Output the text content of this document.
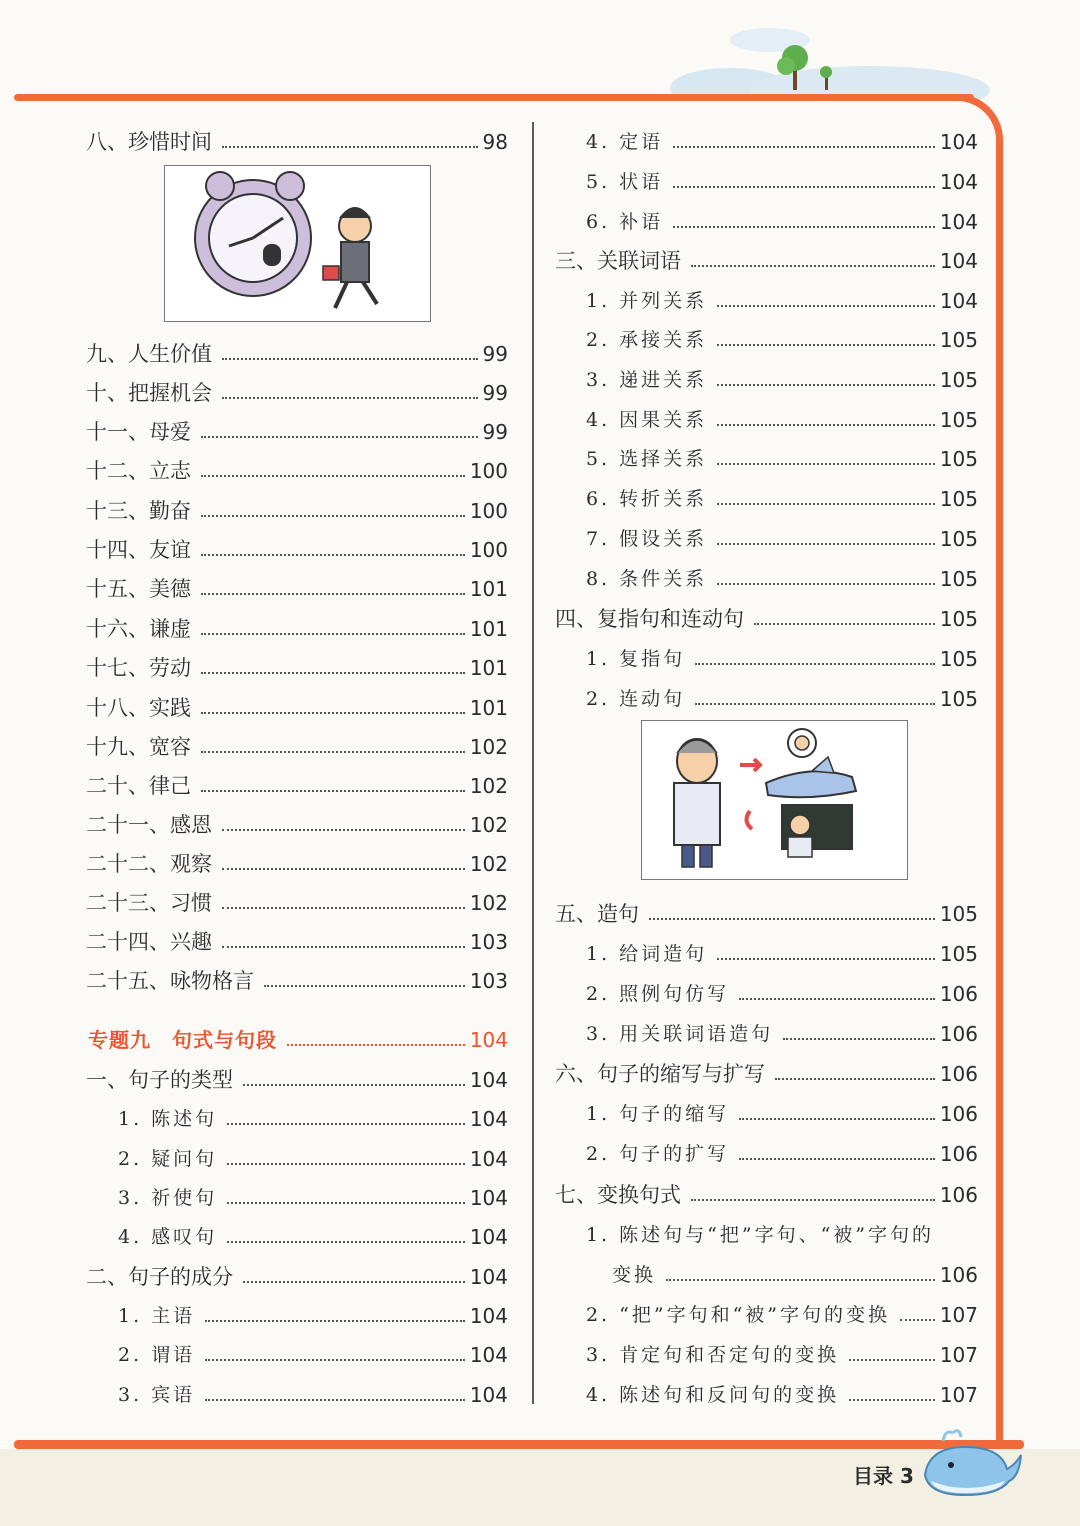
八、珍惜时间	98
九、人生价值	99
十、把握机会	99
十一、母爱	99
十二、立志	100
十三、勤奋	100
十四、友谊	100
十五、美德	101
十六、谦虚	101
十七、劳动	101
十八、实践	101
十九、宽容	102
二十、律己	102
二十一、感恩	102
二十二、观察	102
二十三、习惯	102
二十四、兴趣	103
二十五、咏物格言	103
专题九　句式与句段	104
一、句子的类型	104
1. 陈述句	104
2. 疑问句	104
3. 祈使句	104
4. 感叹句	104
二、句子的成分	104
1. 主语	104
2. 谓语	104
3. 宾语	104
4. 定语	104
5. 状语	104
6. 补语	104
三、关联词语	104
1. 并列关系	104
2. 承接关系	105
3. 递进关系	105
4. 因果关系	105
5. 选择关系	105
6. 转折关系	105
7. 假设关系	105
8. 条件关系	105
四、复指句和连动句	105
1. 复指句	105
2. 连动句	105
五、造句	105
1. 给词造句	105
2. 照例句仿写	106
3. 用关联词语造句	106
六、句子的缩写与扩写	106
1. 句子的缩写	106
2. 句子的扩写	106
七、变换句式	106
1. 陈述句与“把”字句、“被”字句的
变换	106
2. “把”字句和“被”字句的变换 107
3. 肯定句和否定句的变换	107
4. 陈述句和反问句的变换	107
目录 3
